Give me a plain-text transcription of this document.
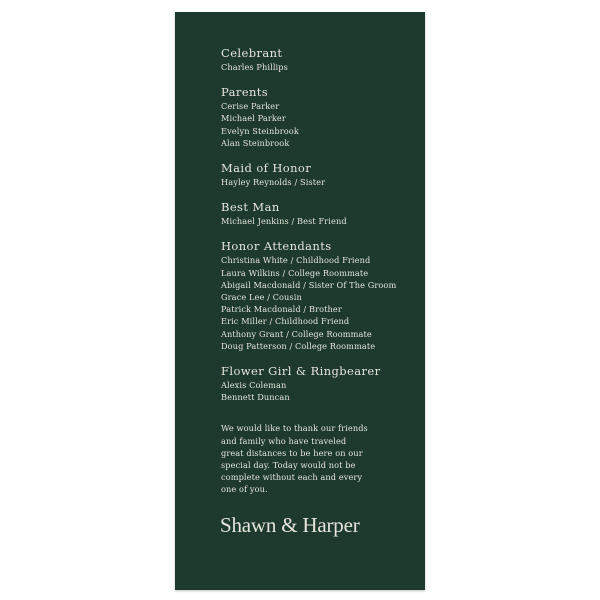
Celebrant
Charles Phillips
Parents
Cerise Parker
Michael Parker
Evelyn Steinbrook
Alan Steinbrook
Maid of Honor
Hayley Reynolds / Sister
Best Man
Michael Jenkins / Best Friend
Honor Attendants
Christina White / Childhood Friend
Laura Wilkins / College Roommate
Abigail Macdonald / Sister Of The Groom
Grace Lee / Cousin
Patrick Macdonald / Brother
Eric Miller / Childhood Friend
Anthony Grant / College Roommate
Doug Patterson / College Roommate
Flower Girl & Ringbearer
Alexis Coleman
Bennett Duncan
We would like to thank our friends
and family who have traveled
great distances to be here on our
special day. Today would not be
complete without each and every
one of you.
Shawn & Harper
